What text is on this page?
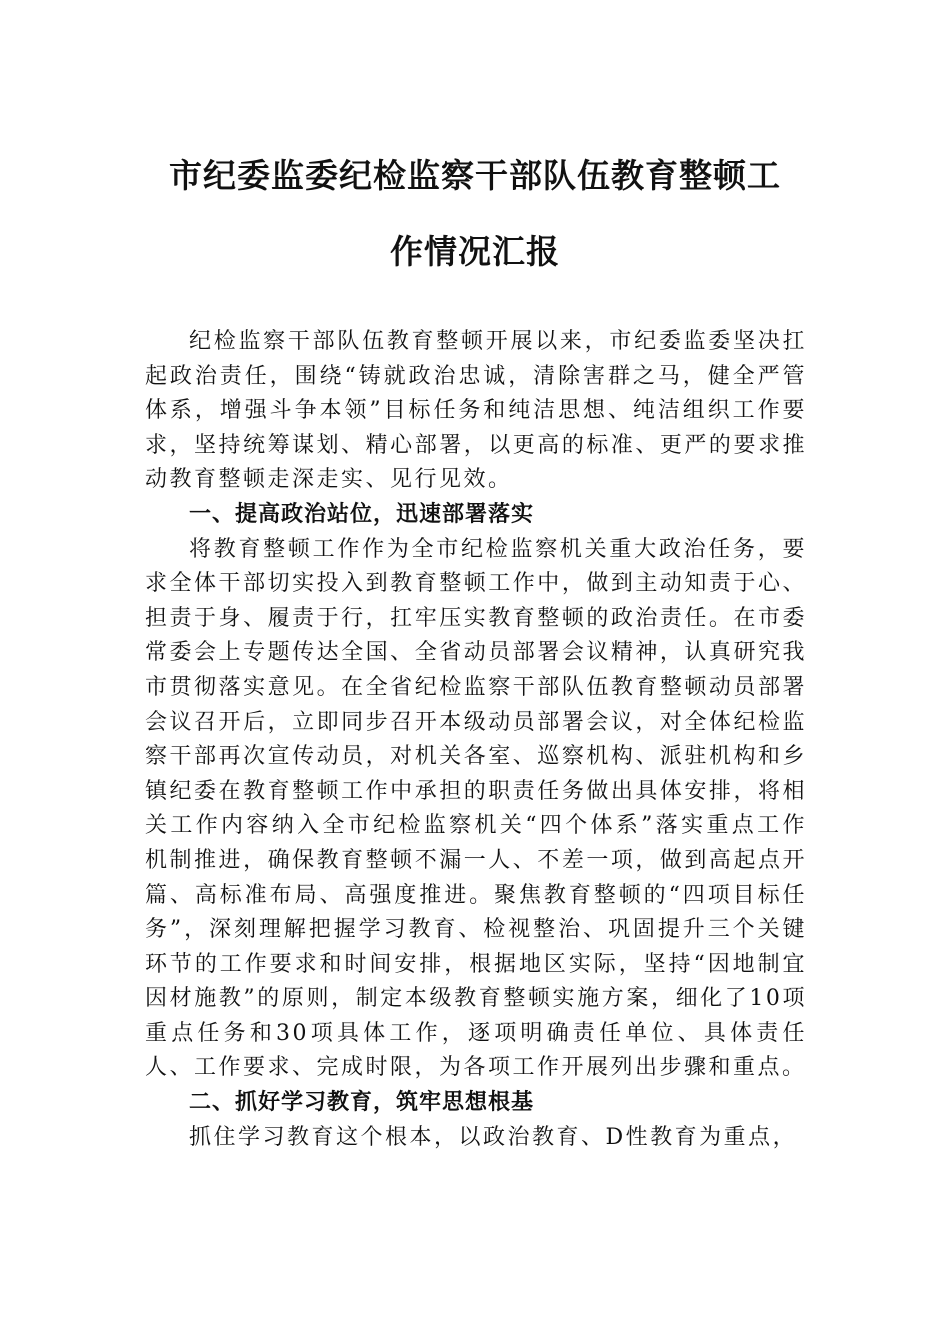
市纪委监委纪检监察干部队伍教育整顿工
作情况汇报

纪检监察干部队伍教育整顿开展以来，市纪委监委坚决扛起政治责任，围绕“铸就政治忠诚，清除害群之马，健全严管体系，增强斗争本领”目标任务和纯洁思想、纯洁组织工作要求，坚持统筹谋划、精心部署，以更高的标准、更严的要求推动教育整顿走深走实、见行见效。

一、提高政治站位，迅速部署落实

将教育整顿工作作为全市纪检监察机关重大政治任务，要求全体干部切实投入到教育整顿工作中，做到主动知责于心、担责于身、履责于行，扛牢压实教育整顿的政治责任。在市委常委会上专题传达全国、全省动员部署会议精神，认真研究我市贯彻落实意见。在全省纪检监察干部队伍教育整顿动员部署会议召开后，立即同步召开本级动员部署会议，对全体纪检监察干部再次宣传动员，对机关各室、巡察机构、派驻机构和乡镇纪委在教育整顿工作中承担的职责任务做出具体安排，将相关工作内容纳入全市纪检监察机关“四个体系”落实重点工作机制推进，确保教育整顿不漏一人、不差一项，做到高起点开篇、高标准布局、高强度推进。聚焦教育整顿的“四项目标任务”，深刻理解把握学习教育、检视整治、巩固提升三个关键环节的工作要求和时间安排，根据地区实际，坚持“因地制宜因材施教”的原则，制定本级教育整顿实施方案，细化了10项重点任务和30项具体工作，逐项明确责任单位、具体责任人、工作要求、完成时限，为各项工作开展列出步骤和重点。

二、抓好学习教育，筑牢思想根基

抓住学习教育这个根本，以政治教育、D性教育为重点，
